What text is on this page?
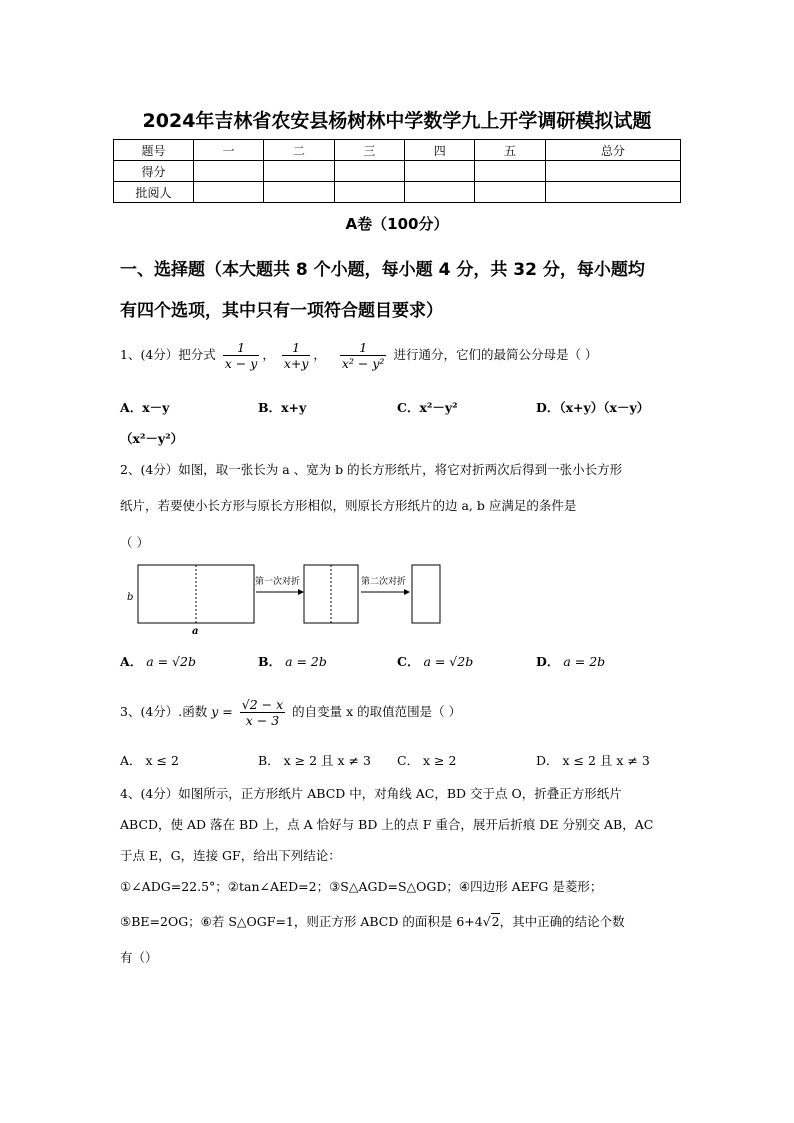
2024年吉林省农安县杨树林中学数学九上开学调研模拟试题
题号	一	二	三	四	五	总分
得分						
批阅人						
A卷（100分）
一、选择题（本大题共 8 个小题，每小题 4 分，共 32 分，每小题均
有四个选项，其中只有一项符合题目要求）
1、(4分）把分式 $\frac{1}{x - y}$ ， $\frac{1}{x+y}$ ， $\frac{1}{\text{x² − y²}}$ 进行通分，它们的最简公分母是（ ）
A．x－y	B．x+y	C．x²－y²	D．（x+y）（x－y）
（x²－y²）
2、(4分）如图，取一张长为 a 、宽为 b 的长方形纸片，将它对折两次后得到一张小长方形
纸片，若要使小长方形与原长方形相似，则原长方形纸片的边 a, b 应满足的条件是
（ ）
b
a
第一次对折	第二次对折
A． a = √2b	B． a = 2b	C． a = √2b	D． a = 2b
3、(4分）.函数 $y = \frac{√2 - x}{x - 3}$ 的自变量 x 的取值范围是（ ）
A． x ≤ 2	B． x ≥ 2 且 x ≠ 3 C． x ≥ 2	D． x ≤ 2 且 x ≠ 3
4、(4分）如图所示，正方形纸片 ABCD 中，对角线 AC，BD 交于点 O，折叠正方形纸片
ABCD，使 AD 落在 BD 上，点 A 恰好与 BD 上的点 F 重合，展开后折痕 DE 分别交 AB，AC
于点 E，G，连接 GF，给出下列结论：
①∠ADG=22.5°；②tan∠AED=2；③S△AGD=S△OGD；④四边形 AEFG 是菱形；
⑤BE=2OG；⑥若 S△OGF=1，则正方形 ABCD 的面积是 6+4√2，其中正确的结论个数
有（）
